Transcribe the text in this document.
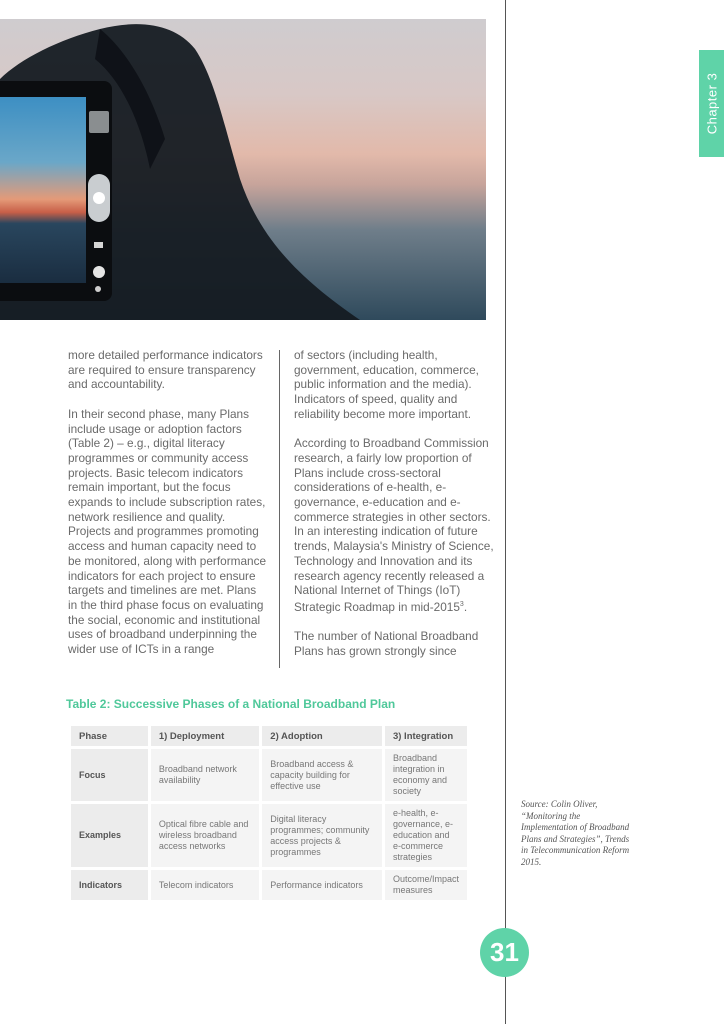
Chapter 3

more detailed performance indicators are required to ensure transparency and accountability.

In their second phase, many Plans include usage or adoption factors (Table 2) – e.g., digital literacy programmes or community access projects. Basic telecom indicators remain important, but the focus expands to include subscription rates, network resilience and quality. Projects and programmes promoting access and human capacity need to be monitored, along with performance indicators for each project to ensure targets and timelines are met. Plans in the third phase focus on evaluating the social, economic and institutional uses of broadband underpinning the wider use of ICTs in a range

of sectors (including health, government, education, commerce, public information and the media). Indicators of speed, quality and reliability become more important.

According to Broadband Commission research, a fairly low proportion of Plans include cross-sectoral considerations of e-health, e-governance, e-education and e-commerce strategies in other sectors. In an interesting indication of future trends, Malaysia's Ministry of Science, Technology and Innovation and its research agency recently released a National Internet of Things (IoT) Strategic Roadmap in mid-2015$^3$.

The number of National Broadband Plans has grown strongly since

Table 2: Successive Phases of a National Broadband Plan
Phase	1) Deployment	2) Adoption	3) Integration
Focus	Broadband network availability	Broadband access & capacity building for effective use	Broadband integration in economy and society
Examples	Optical fibre cable and wireless broadband access networks	Digital literacy programmes; community access projects & programmes	e-health, e-governance, e-education and e-commerce strategies
Indicators	Telecom indicators	Performance indicators	Outcome/Impact measures
Source: Colin Oliver, “Monitoring the Implementation of Broadband Plans and Strategies”, Trends in Telecommunication Reform 2015.
31
